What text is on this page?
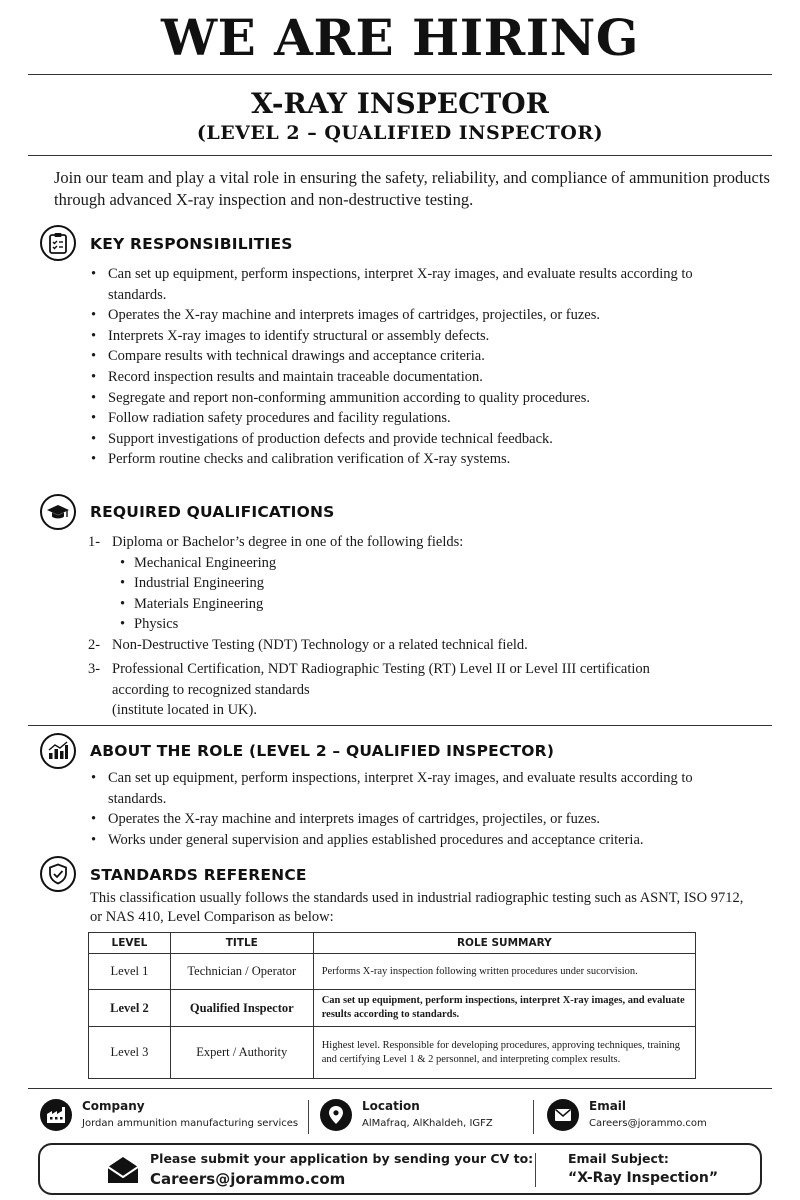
WE ARE HIRING
X-RAY INSPECTOR
(LEVEL 2 – QUALIFIED INSPECTOR)

Join our team and play a vital role in ensuring the safety, reliability, and compliance of ammunition products through advanced X-ray inspection and non-destructive testing.

KEY RESPONSIBILITIES
• Can set up equipment, perform inspections, interpret X-ray images, and evaluate results according to standards.
• Operates the X-ray machine and interprets images of cartridges, projectiles, or fuzes.
• Interprets X-ray images to identify structural or assembly defects.
• Compare results with technical drawings and acceptance criteria.
• Record inspection results and maintain traceable documentation.
• Segregate and report non-conforming ammunition according to quality procedures.
• Follow radiation safety procedures and facility regulations.
• Support investigations of production defects and provide technical feedback.
• Perform routine checks and calibration verification of X-ray systems.
REQUIRED QUALIFICATIONS
1- Diploma or Bachelor’s degree in one of the following fields:
• Mechanical Engineering
• Industrial Engineering
• Materials Engineering
• Physics
2- Non-Destructive Testing (NDT) Technology or a related technical field.
3- Professional Certification, NDT Radiographic Testing (RT) Level II or Level III certification according to recognized standards
(institute located in UK).
ABOUT THE ROLE (LEVEL 2 – QUALIFIED INSPECTOR)
• Can set up equipment, perform inspections, interpret X-ray images, and evaluate results according to standards.
• Operates the X-ray machine and interprets images of cartridges, projectiles, or fuzes.
• Works under general supervision and applies established procedures and acceptance criteria.
STANDARDS REFERENCE

This classification usually follows the standards used in industrial radiographic testing such as ASNT, ISO 9712, or NAS 410, Level Comparison as below:

LEVEL	TITLE	ROLE SUMMARY
Level 1	Technician / Operator	Performs X-ray inspection following written procedures under sucorvision.
Level 2	Qualified Inspector	Can set up equipment, perform inspections, interpret X-ray images, and evaluate results according to standards.
Level 3	Expert / Authority	Highest level. Responsible for developing procedures, approving techniques, training and certifying Level 1 & 2 personnel, and interpreting complex results.
Company
Jordan ammunition manufacturing services
Location
AlMafraq, AlKhaldeh, IGFZ
Email
Careers@jorammo.com
Please submit your application by sending your CV to:
Careers@jorammo.com
Email Subject:
“X-Ray Inspection”
